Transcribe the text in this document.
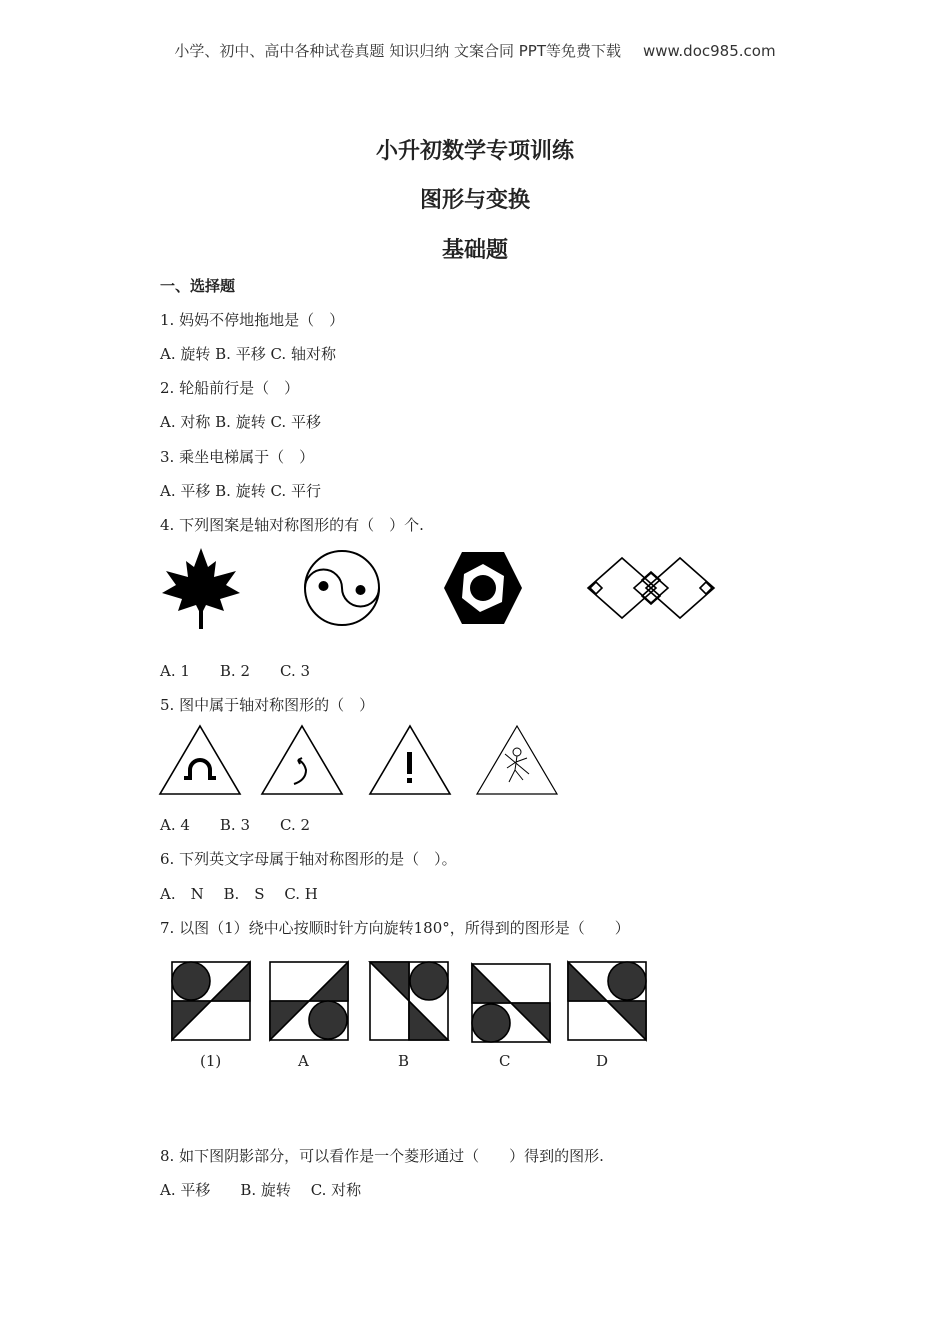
小学、初中、高中各种试卷真题 知识归纳 文案合同 PPT等免费下载 www.doc985.com
小升初数学专项训练
图形与变换
基础题
一、选择题
1. 妈妈不停地拖地是（　）
A. 旋转 B. 平移 C. 轴对称
2. 轮船前行是（　）
A. 对称 B. 旋转 C. 平移
3. 乘坐电梯属于（　）
A. 平移 B. 旋转 C. 平行
4. 下列图案是轴对称图形的有（　）个.
A. 1　　B. 2　　C. 3
5. 图中属于轴对称图形的（　）
A. 4　　B. 3　　C. 2
6. 下列英文字母属于轴对称图形的是（　）。
A.　N　 B.　S　 C. H
7. 以图（1）绕中心按顺时针方向旋转180°，所得到的图形是（　　）
(1)	A	B	C	D
8. 如下图阴影部分，可以看作是一个菱形通过（　　）得到的图形.
A. 平移　　B. 旋转　 C. 对称
